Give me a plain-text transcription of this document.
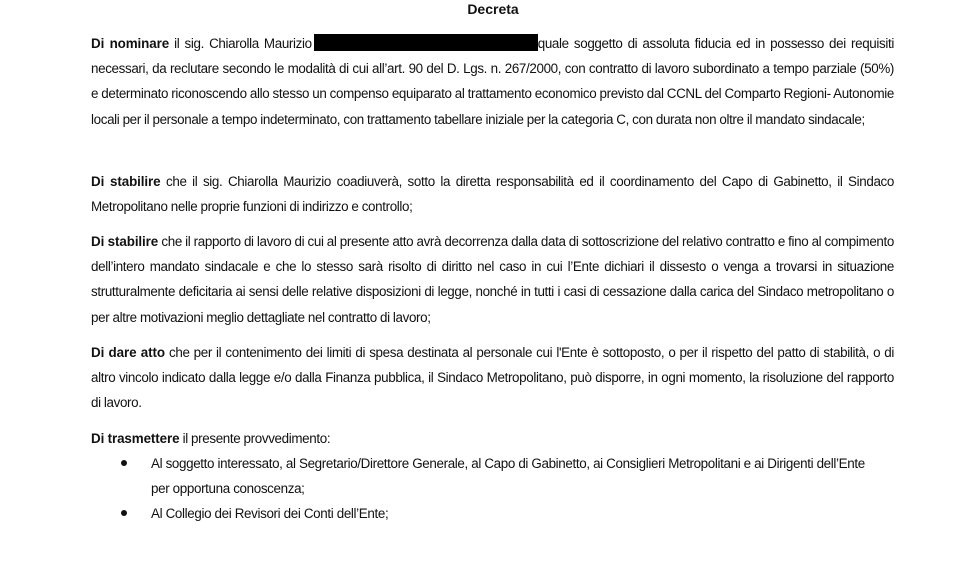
Decreta

Di nominare il sig. Chiarolla Maurizio	quale soggetto di assoluta fiducia ed in possesso dei requisiti necessari, da reclutare secondo le modalità di cui all’art. 90 del D. Lgs. n. 267/2000, con contratto di lavoro subordinato a tempo parziale (50%) e determinato riconoscendo allo stesso un compenso equiparato al trattamento economico previsto dal CCNL del Comparto Regioni- Autonomie locali per il personale a tempo indeterminato, con trattamento tabellare iniziale per la categoria C, con durata non oltre il mandato sindacale;

Di stabilire che il sig. Chiarolla Maurizio coadiuverà, sotto la diretta responsabilità ed il coordinamento del Capo di Gabinetto, il Sindaco Metropolitano nelle proprie funzioni di indirizzo e controllo;

Di stabilire che il rapporto di lavoro di cui al presente atto avrà decorrenza dalla data di sottoscrizione del relativo contratto e fino al compimento dell’intero mandato sindacale e che lo stesso sarà risolto di diritto nel caso in cui l’Ente dichiari il dissesto o venga a trovarsi in situazione strutturalmente deficitaria ai sensi delle relative disposizioni di legge, nonché in tutti i casi di cessazione dalla carica del Sindaco metropolitano o per altre motivazioni meglio dettagliate nel contratto di lavoro;

Di dare atto che per il contenimento dei limiti di spesa destinata al personale cui l'Ente è sottoposto, o per il rispetto del patto di stabilità, o di altro vincolo indicato dalla legge e/o dalla Finanza pubblica, il Sindaco Metropolitano, può disporre, in ogni momento, la risoluzione del rapporto di lavoro.

Di trasmettere il presente provvedimento:

Al soggetto interessato, al Segretario/Direttore Generale, al Capo di Gabinetto, ai Consiglieri Metropolitani e ai Dirigenti dell’Ente per opportuna conoscenza;
Al Collegio dei Revisori dei Conti dell’Ente;
